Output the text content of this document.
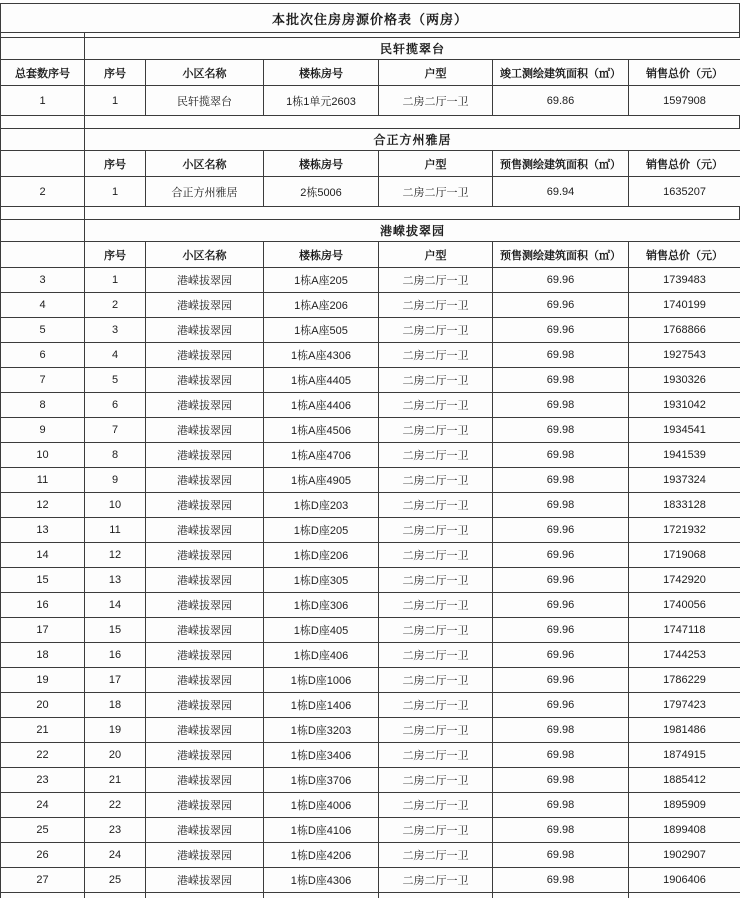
本批次住房房源价格表（两房）
	民轩揽翠台					
总套数序号	序号	小区名称	楼栋房号	户型	竣工测绘建筑面积（㎡）	销售总价（元）
1	1	民轩揽翠台	1栋1单元2603	二房二厅一卫	69.86	1597908
	合正方州雅居					
	序号	小区名称	楼栋房号	户型	预售测绘建筑面积（㎡）	销售总价（元）
2	1	合正方州雅居	2栋5006	二房二厅一卫	69.94	1635207
	港嵘拔翠园					
	序号	小区名称	楼栋房号	户型	预售测绘建筑面积（㎡）	销售总价（元）
3	1	港嵘拔翠园	1栋A座205	二房二厅一卫	69.96	1739483
4	2	港嵘拔翠园	1栋A座206	二房二厅一卫	69.96	1740199
5	3	港嵘拔翠园	1栋A座505	二房二厅一卫	69.96	1768866
6	4	港嵘拔翠园	1栋A座4306	二房二厅一卫	69.98	1927543
7	5	港嵘拔翠园	1栋A座4405	二房二厅一卫	69.98	1930326
8	6	港嵘拔翠园	1栋A座4406	二房二厅一卫	69.98	1931042
9	7	港嵘拔翠园	1栋A座4506	二房二厅一卫	69.98	1934541
10	8	港嵘拔翠园	1栋A座4706	二房二厅一卫	69.98	1941539
11	9	港嵘拔翠园	1栋A座4905	二房二厅一卫	69.98	1937324
12	10	港嵘拔翠园	1栋D座203	二房二厅一卫	69.98	1833128
13	11	港嵘拔翠园	1栋D座205	二房二厅一卫	69.96	1721932
14	12	港嵘拔翠园	1栋D座206	二房二厅一卫	69.96	1719068
15	13	港嵘拔翠园	1栋D座305	二房二厅一卫	69.96	1742920
16	14	港嵘拔翠园	1栋D座306	二房二厅一卫	69.96	1740056
17	15	港嵘拔翠园	1栋D座405	二房二厅一卫	69.96	1747118
18	16	港嵘拔翠园	1栋D座406	二房二厅一卫	69.96	1744253
19	17	港嵘拔翠园	1栋D座1006	二房二厅一卫	69.96	1786229
20	18	港嵘拔翠园	1栋D座1406	二房二厅一卫	69.96	1797423
21	19	港嵘拔翠园	1栋D座3203	二房二厅一卫	69.98	1981486
22	20	港嵘拔翠园	1栋D座3406	二房二厅一卫	69.98	1874915
23	21	港嵘拔翠园	1栋D座3706	二房二厅一卫	69.98	1885412
24	22	港嵘拔翠园	1栋D座4006	二房二厅一卫	69.98	1895909
25	23	港嵘拔翠园	1栋D座4106	二房二厅一卫	69.98	1899408
26	24	港嵘拔翠园	1栋D座4206	二房二厅一卫	69.98	1902907
27	25	港嵘拔翠园	1栋D座4306	二房二厅一卫	69.98	1906406
